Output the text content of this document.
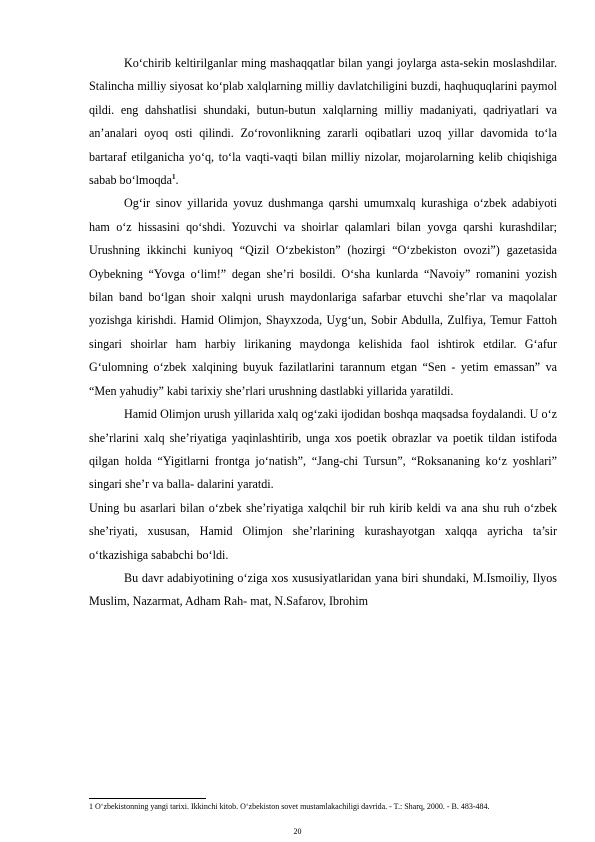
Ko‘chirib keltirilganlar ming mashaqqatlar bilan yangi joylarga asta-sekin moslashdilar. Stalincha milliy siyosat ko‘plab xalqlarning milliy davlatchiligini buzdi, haqhuquqlarini paymol qildi. eng dahshatlisi shundaki, butun-butun xalqlarning milliy madaniyati, qadriyatlari va an’analari oyoq osti qilindi. Zo‘rovonlikning zararli oqibatlari uzoq yillar davomida to‘la bartaraf etilganicha yo‘q, to‘la vaqti-vaqti bilan milliy nizolar, mojarolarning kelib chiqishiga sabab bo‘lmoqda$^1$.

Og‘ir sinov yillarida yovuz dushmanga qarshi umumxalq kurashiga o‘zbek adabiyoti ham o‘z hissasini qo‘shdi. Yozuvchi va shoirlar qalamlari bilan yovga qarshi kurashdilar; Urushning ikkinchi kuniyoq “Qizil O‘zbekiston” (hozirgi “O‘zbekiston ovozi”) gazetasida Oybekning “Yovga o‘lim!” degan she’ri bosildi. O‘sha kunlarda “Navoiy” romanini yozish bilan band bo‘lgan shoir xalqni urush maydonlariga safarbar etuvchi she’rlar va maqolalar yozishga kirishdi. Hamid Olimjon, Shayxzoda, Uyg‘un, Sobir Abdulla, Zulfiya, Temur Fattoh singari shoirlar ham harbiy lirikaning maydonga kelishida faol ishtirok etdilar. G‘afur G‘ulomning o‘zbek xalqining buyuk fazilatlarini tarannum etgan “Sen - yetim emassan” va “Men yahudiy” kabi tarixiy she’rlari urushning dastlabki yillarida yaratildi.

Hamid Olimjon urush yillarida xalq og‘zaki ijodidan boshqa maqsadsa foydalandi. U o‘z she’rlarini xalq she’riyatiga yaqinlashtirib, unga xos poetik obrazlar va poetik tildan istifoda qilgan holda “Yigitlarni frontga jo‘natish”, “Jang-chi Tursun”, “Roksananing ko‘z yoshlari” singari she’r va balla- dalarini yaratdi.

Uning bu asarlari bilan o‘zbek she’riyatiga xalqchil bir ruh kirib keldi va ana shu ruh o‘zbek she’riyati, xususan, Hamid Olimjon she’rlarining kurashayotgan xalqqa ayricha ta’sir o‘tkazishiga sababchi bo‘ldi.

Bu davr adabiyotining o‘ziga xos xususiyatlaridan yana biri shundaki, M.Ismoiliy, Ilyos Muslim, Nazarmat, Adham Rah- mat, N.Safarov, Ibrohim

1 O‘zbekistonning yangi tarixi. Ikkinchi kitob. O‘zbekiston sovet mustamlakachiligi davrida. - T.: Sharq, 2000. - B. 483-484.
20
